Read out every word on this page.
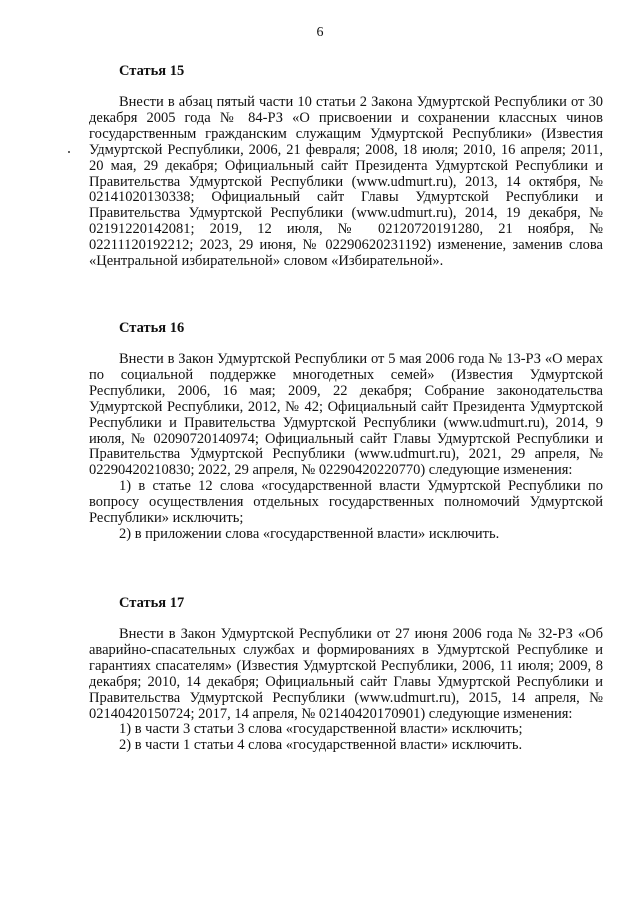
6
Статья 15

Внести в абзац пятый части 10 статьи 2 Закона Удмуртской Республики от 30 декабря 2005 года № 84-РЗ «О присвоении и сохранении классных чинов государственным гражданским служащим Удмуртской Республики» (Известия Удмуртской Республики, 2006, 21 февраля; 2008, 18 июля; 2010, 16 апреля; 2011, 20 мая, 29 декабря; Официальный сайт Президента Удмуртской Республики и Правительства Удмуртской Республики (www.udmurt.ru), 2013, 14 октября, № 02141020130338; Официальный сайт Главы Удмуртской Республики и Правительства Удмуртской Республики (www.udmurt.ru), 2014, 19 декабря, № 02191220142081; 2019, 12 июля, № 02120720191280, 21 ноября, № 02211120192212; 2023, 29 июня, № 02290620231192) изменение, заменив слова «Центральной избирательной» словом «Избирательной».

Статья 16

Внести в Закон Удмуртской Республики от 5 мая 2006 года № 13-РЗ «О мерах по социальной поддержке многодетных семей» (Известия Удмуртской Республики, 2006, 16 мая; 2009, 22 декабря; Собрание законодательства Удмуртской Республики, 2012, № 42; Официальный сайт Президента Удмуртской Республики и Правительства Удмуртской Республики (www.udmurt.ru), 2014, 9 июля, № 02090720140974; Официальный сайт Главы Удмуртской Республики и Правительства Удмуртской Республики (www.udmurt.ru), 2021, 29 апреля, № 02290420210830; 2022, 29 апреля, № 02290420220770) следующие изменения:

1) в статье 12 слова «государственной власти Удмуртской Республики по вопросу осуществления отдельных государственных полномочий Удмуртской Республики» исключить;

2) в приложении слова «государственной власти» исключить.

Статья 17

Внести в Закон Удмуртской Республики от 27 июня 2006 года № 32-РЗ «Об аварийно-спасательных службах и формированиях в Удмуртской Республике и гарантиях спасателям» (Известия Удмуртской Республики, 2006, 11 июля; 2009, 8 декабря; 2010, 14 декабря; Официальный сайт Главы Удмуртской Республики и Правительства Удмуртской Республики (www.udmurt.ru), 2015, 14 апреля, № 02140420150724; 2017, 14 апреля, № 02140420170901) следующие изменения:

1) в части 3 статьи 3 слова «государственной власти» исключить;

2) в части 1 статьи 4 слова «государственной власти» исключить.
